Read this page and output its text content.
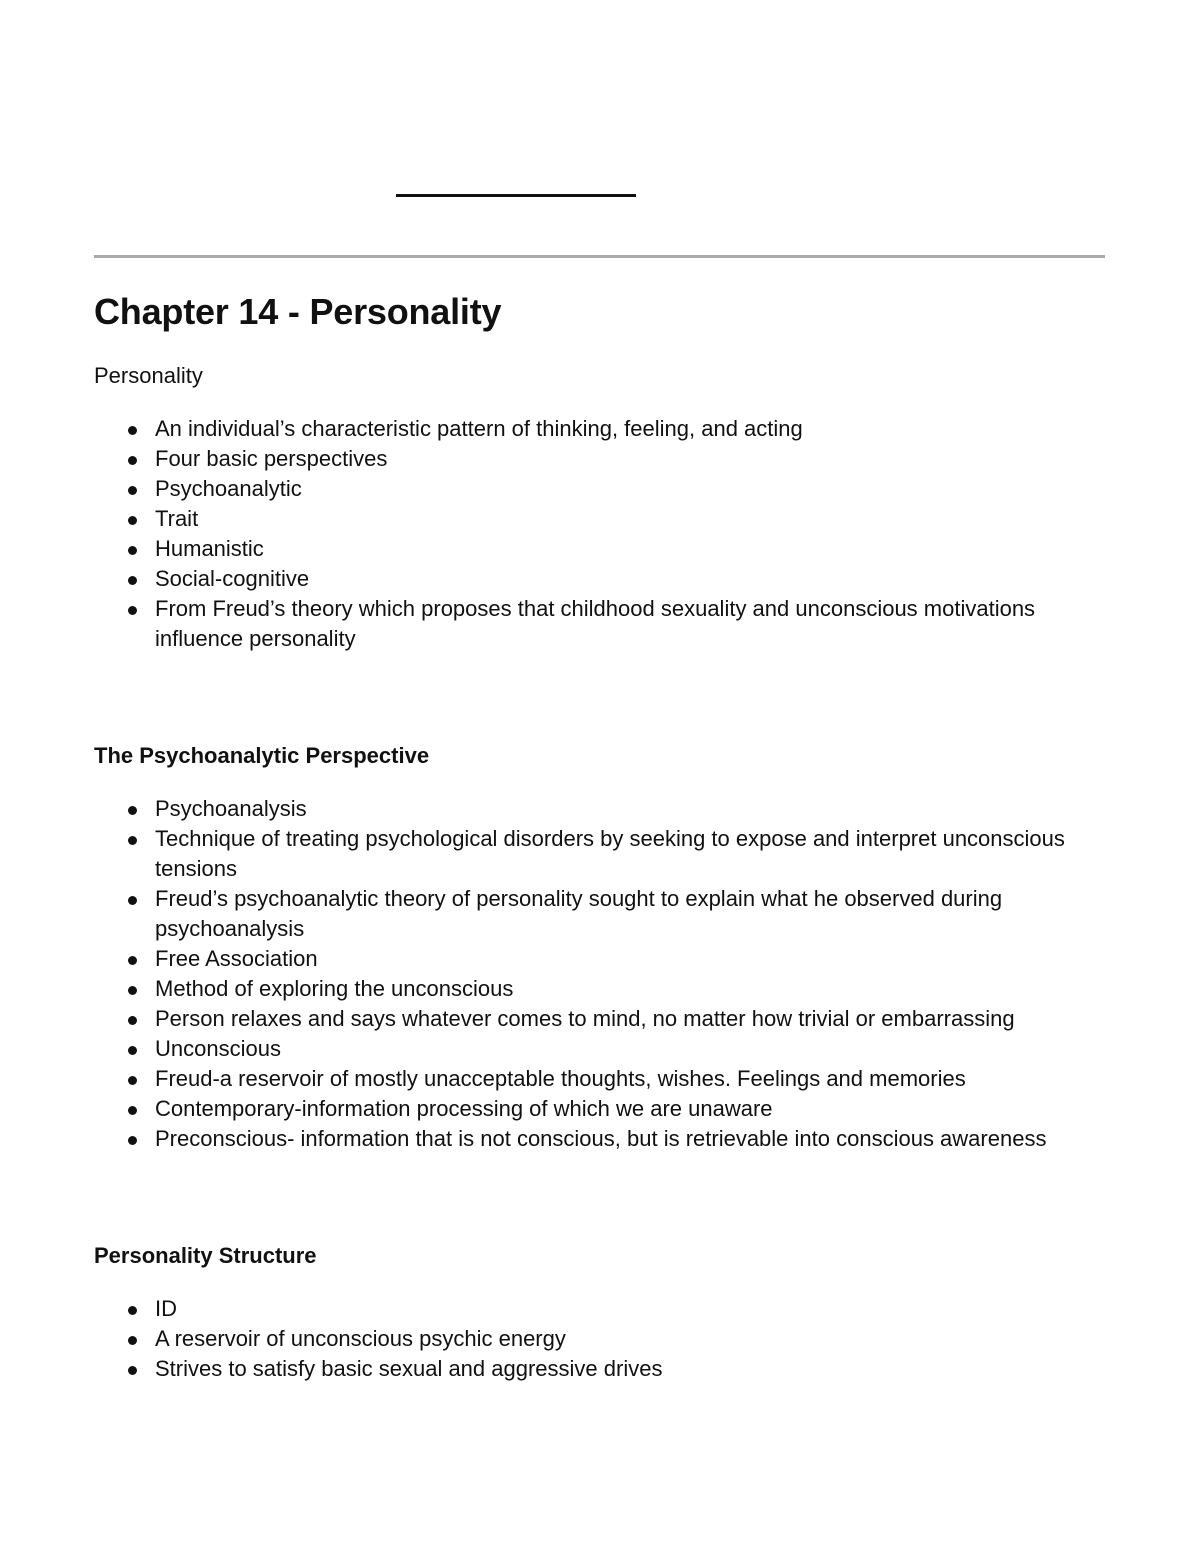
Chapter 14 - Personality

Personality

An individual’s characteristic pattern of thinking, feeling, and acting
Four basic perspectives
Psychoanalytic
Trait
Humanistic
Social-cognitive
From Freud’s theory which proposes that childhood sexuality and unconscious motivations influence personality

The Psychoanalytic Perspective

Psychoanalysis
Technique of treating psychological disorders by seeking to expose and interpret unconscious tensions
Freud’s psychoanalytic theory of personality sought to explain what he observed during psychoanalysis
Free Association
Method of exploring the unconscious
Person relaxes and says whatever comes to mind, no matter how trivial or embarrassing
Unconscious
Freud-a reservoir of mostly unacceptable thoughts, wishes. Feelings and memories
Contemporary-information processing of which we are unaware
Preconscious- information that is not conscious, but is retrievable into conscious awareness

Personality Structure

ID
A reservoir of unconscious psychic energy
Strives to satisfy basic sexual and aggressive drives
